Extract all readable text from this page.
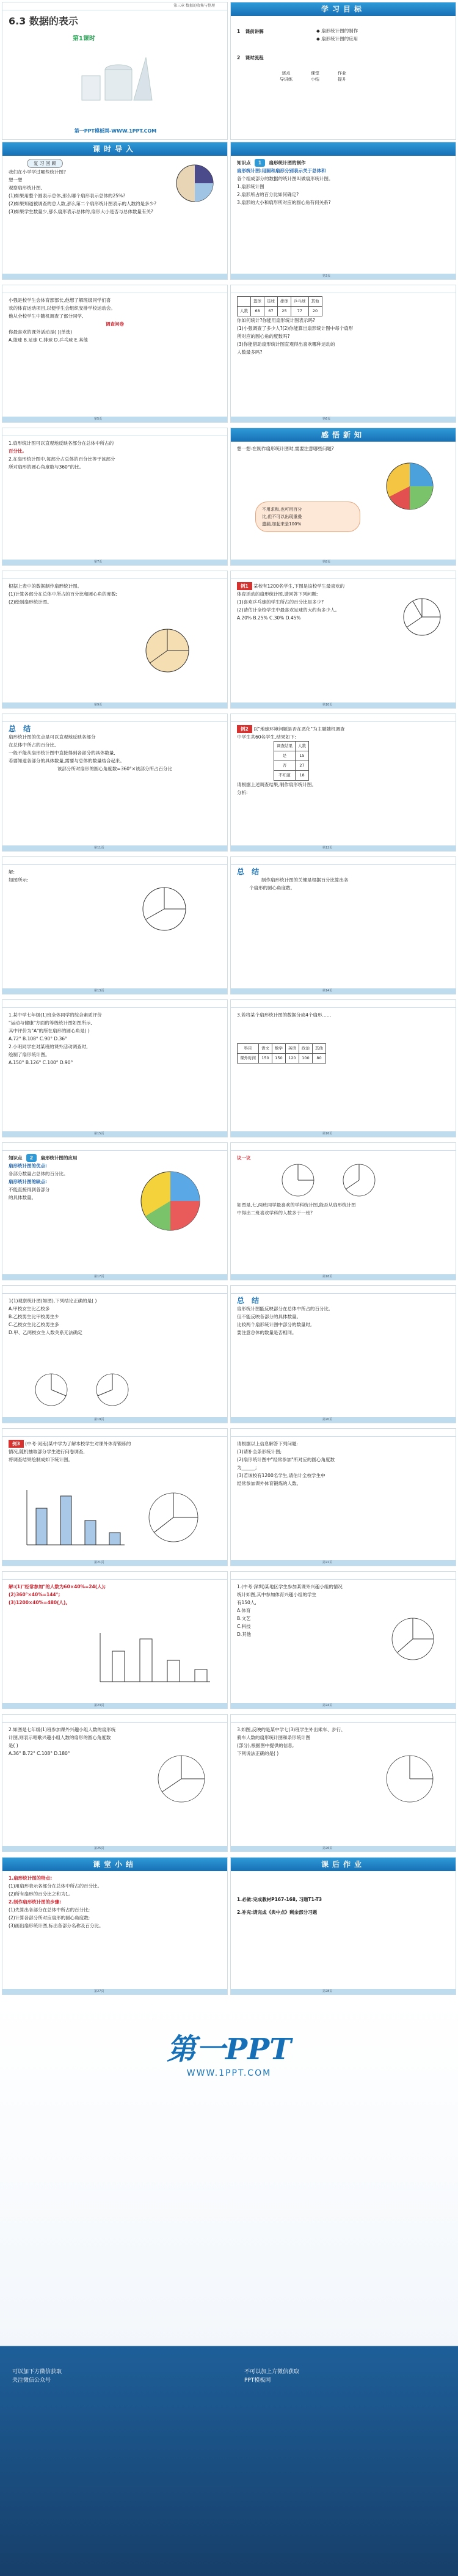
第三章 数据的收集与整理
6.3 数据的表示
第1课时
第一PPT模板网-WWW.1PPT.COM
学习目标
1 课前讲解	◆ 扇形统计图的制作
◆ 扇形统计图的应用
2 课时流程
逐点
导讲练
课堂
小结
作业
提升
课时导入
复 习 回 顾
我们在小学学过哪些统计图?
想一想
观察扇形统计图,
(1)如果用整个圆表示总体,那么哪个扇形表示总体的25%?
(2)如果知道被调查的总人数,那么第二个扇形统计图表示的人数约是多少?
(3)如果学生数量少,那么扇形表示总体的,扇形大小是否与总体数量有关?
知识点 1 扇形统计图的制作
扇形统计图:用圆和扇形分别表示关于总体和
各个组成部分的数据的统计图叫做扇形统计图。
1.扇形统计图
2.扇形所占的百分比如何确定?
3.扇形的大小和扇形所对应的圆心角有何关系?
第3页
小强是校学生会体育部部长,他想了解班级同学们喜
欢的体育运动项目,以便学生会组织安排学校运动会。
他从全校学生中随机调查了部分同学,
调查问卷
你最喜欢的课外活动是( )(单选)
A.篮球 B.足球 C.排球 D.乒乓球 E.其他
第5页
	篮球	足球	排球	乒乓球	其他
人数	68	67	25	77	20
你如何统计?你能用扇形统计图表示吗?
(1)小强调查了多少人?(2)你能算出扇形统计图中每个扇形
所对应的圆心角的度数吗?
(3)你能借助扇形统计图直观得出喜欢哪种运动的
人数最多吗?
第6页
1.扇形统计图可以直观地反映各部分在总体中所占的
百分比,
2.在扇形统计图中,每部分占总体的百分比等于该部分
所对扇形的圆心角度数与360°的比。
第7页
感悟新知
想一想:在制作扇形统计图时,需要注意哪些问题?
不用求和,也可用百分
比,但不可以出现重叠
遗漏,加起来是100%
第8页
根据上表中的数据制作扇形统计图。
(1)计算各部分在总体中所占的百分比和圆心角的度数;
(2)绘制扇形统计图。
第9页
例1 某校有1200名学生,下图是该校学生最喜欢的
体育活动的扇形统计图,请回答下列问题:
(1)喜欢乒乓球的学生所占的百分比是多少?
(2)请估计全校学生中最喜欢足球的大约有多少人。
A.20% B.25% C.30% D.45%
第10页
总 结
扇形统计图的优点是可以直观地反映各部分
在总体中所占的百分比,
一般不能从扇形统计图中直接得到各部分的具体数量,
若要知道各部分的具体数量,需要与总体的数量结合起来。
该部分所对扇形的圆心角度数=360°×该部分所占百分比
第11页
例2 以"地球环境问题是否在恶化"为主题随机调查
中学生共60名学生,结果如下:
调查结果	人数
是	15
否	27
不知道	18
请根据上述调查结果,制作扇形统计图。
分析:
第12页
解:
如图所示:
第13页
总 结
制作扇形统计图的关键是根据百分比算出各
个扇形的圆心角度数。
第14页
1.某中学七年级(1)班全体同学的综合素质评价
"运动与健康"方面的等级统计图如图所示,
其中评价为"A"的所在扇形的圆心角是( )
A.72° B.108° C.90° D.36°
2.小明同学在对某班的课外活动调查时,
绘制了扇形统计图。
A.150° B.126° C.100° D.90°
第15页
3.若将某个扇形统计图的数据分成4个扇形……
科目	语文	数学	英语	政治	其他
课外时间	150	150	120	100	80
第16页
知识点 2 扇形统计图的应用
扇形统计图的优点:
各部分数量占总体的百分比。
扇形统计图的缺点:
不能直接得到各部分
的具体数量。
第17页
议一议
如图是,七,两班同学最喜欢的学科统计图,能否从扇形统计图
中得出二班喜欢学科的人数多于一班?
第18页
1(1)观察统计图(如图),下列结论正确的是( )
A.甲校女生比乙校多
B.乙校男生比甲校男生少
C.乙校女生比乙校男生多
D.甲、乙两校女生人数关系无法确定
第19页
总 结
扇形统计图能反映部分在总体中所占的百分比,
但不能反映各部分的具体数量。
比较两个扇形统计图中部分的数量时,
要注意总体的数量是否相同。
第20页
例3 (中考·河南)某中学为了解本校学生对课外体育锻炼的
情况,随机抽取部分学生进行问卷调查,
将调查结果绘制成如下统计图。
第21页
请根据以上信息解答下列问题:
(1)请补全条形统计图;
(2)扇形统计图中"经常参加"所对应的圆心角度数
为______;
(3)若该校有1200名学生,请估计全校学生中
经常参加课外体育锻炼的人数。
第22页
解:(1)"经常参加"的人数为60×40%=24(人);
(2)360°×40%=144°;
(3)1200×40%=480(人)。
第23页
1.(中考·深圳)某地区学生参加某课外兴趣小组的情况
统计如图,其中参加体育兴趣小组的学生
有150人,
A.体育
B.文艺
C.科技
D.其他
第24页
2.如图是七年级(1)班参加课外兴趣小组人数的扇形统
计图,则表示唱歌兴趣小组人数的扇形的圆心角度数
是( )
A.36° B.72° C.108° D.180°
第25页
3.如图,反映的是某中学七(3)班学生外出乘车、步行、
骑车人数的扇形统计图和条形统计图
(部分),根据图中提供的信息,
下列说法正确的是( )
第26页
课堂小结
1.扇形统计图的特点:
(1)用扇形表示各部分在总体中所占的百分比。
(2)所有扇形的百分比之和为1。
2.制作扇形统计图的步骤:
(1)先算出各部分在总体中所占的百分比;
(2)计算各部分所对应扇形的圆心角度数;
(3)画出扇形统计图,标出各部分名称及百分比。
第27页
课后作业
1.必做:完成教材P167-168, 习题T1-T3
2.补充:请完成《典中点》剩余部分习题
第28页
第一PPT
WWW.1PPT.COM
可以加下方微信获取
关注微信公众号
不可以加上方微信获取
PPT模板网
